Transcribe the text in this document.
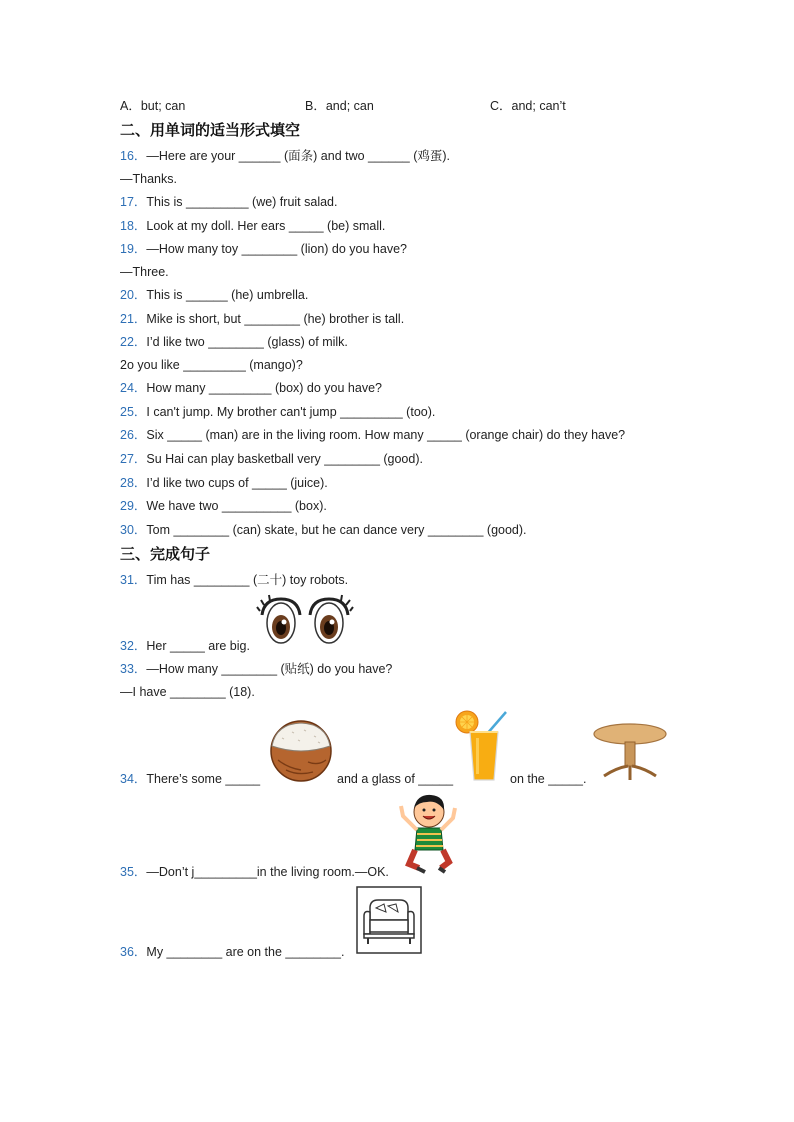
A．but; can	B．and; can	C．and; can’t
二、用单词的适当形式填空
16．—Here are your ______ (面条) and two ______ (鸡蛋).
—Thanks.
17．This is _________ (we) fruit salad.
18．Look at my doll. Her ears _____ (be) small.
19．—How many toy ________ (lion) do you have?
—Three.
20．This is ______ (he) umbrella.
21．Mike is short, but ________ (he) brother is tall.
22．I’d like two ________ (glass) of milk.
2o you like _________ (mango)?
24．How many _________ (box) do you have?
25．I can't jump. My brother can't jump _________ (too).
26．Six _____ (man) are in the living room. How many _____ (orange chair) do they have?
27．Su Hai can play basketball very ________ (good).
28．I’d like two cups of _____ (juice).
29．We have two __________ (box).
30．Tom ________ (can) skate, but he can dance very ________ (good).
三、完成句子
31．Tim has ________ (二十) toy robots.
32．Her _____ are big.
33．—How many ________ (贴纸) do you have?
—I have ________ (18).
34．There’s some _____	and a glass of _____	on the _____.
35．—Don’t j_________in the living room.—OK.
36．My ________ are on the ________.
